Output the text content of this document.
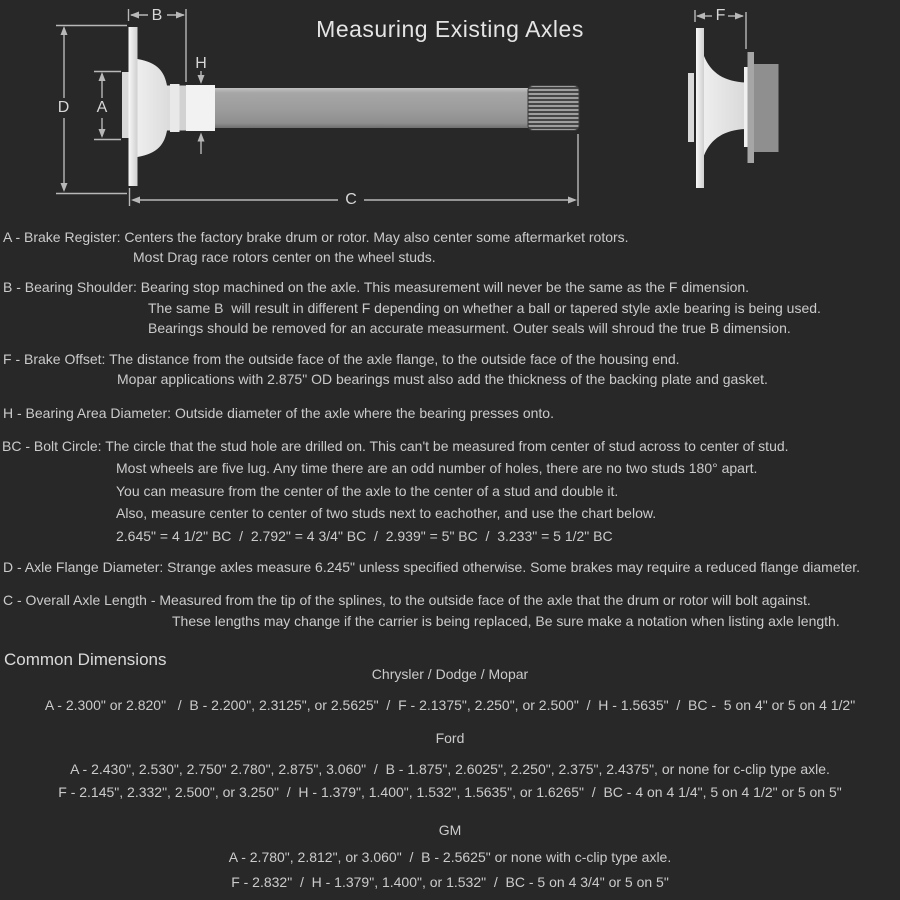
Measuring Existing Axles
B
H
D A
C
F
A - Brake Register: Centers the factory brake drum or rotor. May also center some aftermarket rotors.
Most Drag race rotors center on the wheel studs.
B - Bearing Shoulder: Bearing stop machined on the axle. This measurement will never be the same as the F dimension.
The same B  will result in different F depending on whether a ball or tapered style axle bearing is being used.
Bearings should be removed for an accurate measurment. Outer seals will shroud the true B dimension.
F - Brake Offset: The distance from the outside face of the axle flange, to the outside face of the housing end.
Mopar applications with 2.875" OD bearings must also add the thickness of the backing plate and gasket.
H - Bearing Area Diameter: Outside diameter of the axle where the bearing presses onto.
BC - Bolt Circle: The circle that the stud hole are drilled on. This can't be measured from center of stud across to center of stud.
Most wheels are five lug. Any time there are an odd number of holes, there are no two studs 180° apart.
You can measure from the center of the axle to the center of a stud and double it.
Also, measure center to center of two studs next to eachother, and use the chart below.
2.645" = 4 1/2" BC  /  2.792" = 4 3/4" BC  /  2.939" = 5" BC  /  3.233" = 5 1/2" BC
D - Axle Flange Diameter: Strange axles measure 6.245" unless specified otherwise. Some brakes may require a reduced flange diameter.
C - Overall Axle Length - Measured from the tip of the splines, to the outside face of the axle that the drum or rotor will bolt against.
These lengths may change if the carrier is being replaced, Be sure make a notation when listing axle length.
Common Dimensions
Chrysler / Dodge / Mopar
A - 2.300" or 2.820"   /  B - 2.200", 2.3125", or 2.5625"  /  F - 2.1375", 2.250", or 2.500"  /  H - 1.5635"  /  BC -  5 on 4" or 5 on 4 1/2"
Ford
A - 2.430", 2.530", 2.750" 2.780", 2.875", 3.060"  /  B - 1.875", 2.6025", 2.250", 2.375", 2.4375", or none for c-clip type axle.
F - 2.145", 2.332", 2.500", or 3.250"  /  H - 1.379", 1.400", 1.532", 1.5635", or 1.6265"  /  BC - 4 on 4 1/4", 5 on 4 1/2" or 5 on 5"
GM
A - 2.780", 2.812", or 3.060"  /  B - 2.5625" or none with c-clip type axle.
F - 2.832"  /  H - 1.379", 1.400", or 1.532"  /  BC - 5 on 4 3/4" or 5 on 5"
